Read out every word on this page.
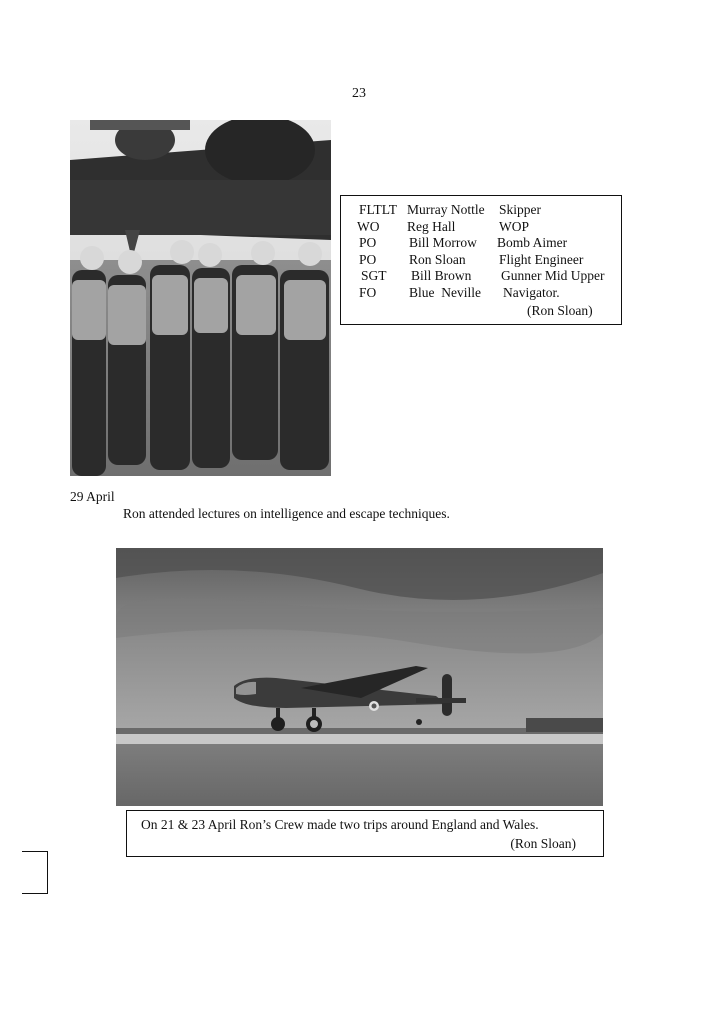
23
FLTLT Murray Nottle Skipper
WO Reg Hall	WOP
PO Bill Morrow Bomb Aimer
PO Ron Sloan Flight Engineer
SGT Bill Brown Gunner Mid Upper
FO Blue  Neville Navigator.
(Ron Sloan)
29 April
Ron attended lectures on intelligence and escape techniques.
On 21 & 23 April Ron’s Crew made two trips around England and Wales.
(Ron Sloan)
